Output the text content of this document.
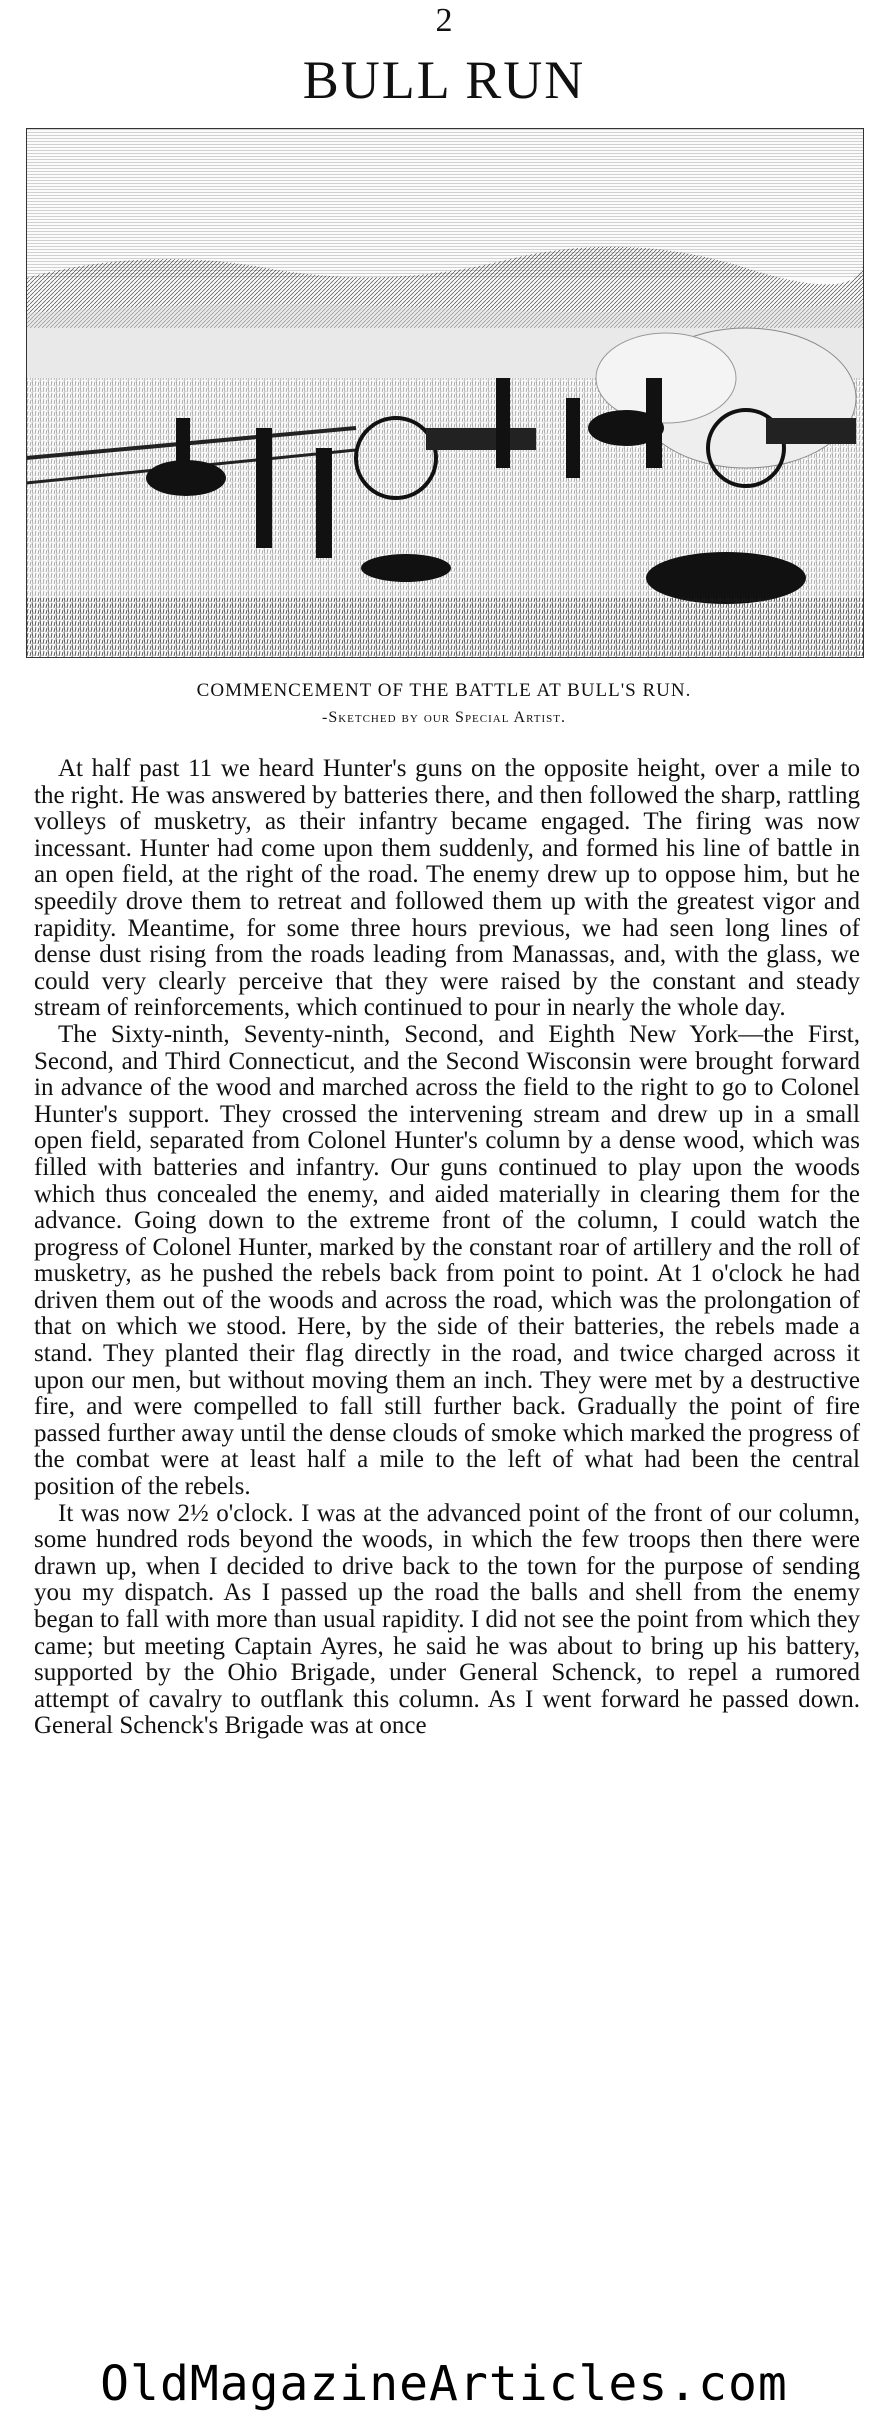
2
BULL RUN
COMMENCEMENT OF THE BATTLE AT BULL'S RUN.
-Sketched by our Special Artist.

At half past 11 we heard Hunter's guns on the opposite height, over a mile to the right. He was answered by batteries there, and then followed the sharp, rattling volleys of musketry, as their infantry became engaged. The firing was now incessant. Hunter had come upon them suddenly, and formed his line of battle in an open field, at the right of the road. The enemy drew up to oppose him, but he speedily drove them to retreat and followed them up with the greatest vigor and rapidity. Meantime, for some three hours previous, we had seen long lines of dense dust rising from the roads leading from Manassas, and, with the glass, we could very clearly perceive that they were raised by the constant and steady stream of reinforcements, which continued to pour in nearly the whole day.

The Sixty-ninth, Seventy-ninth, Second, and Eighth New York—the First, Second, and Third Connecticut, and the Second Wisconsin were brought forward in advance of the wood and marched across the field to the right to go to Colonel Hunter's support. They crossed the intervening stream and drew up in a small open field, separated from Colonel Hunter's column by a dense wood, which was filled with batteries and infantry. Our guns continued to play upon the woods which thus concealed the enemy, and aided materially in clearing them for the advance. Going down to the extreme front of the column, I could watch the progress of Colonel Hunter, marked by the constant roar of artillery and the roll of musketry, as he pushed the rebels back from point to point. At 1 o'clock he had driven them out of the woods and across the road, which was the prolongation of that on which we stood. Here, by the side of their batteries, the rebels made a stand. They planted their flag directly in the road, and twice charged across it upon our men, but without moving them an inch. They were met by a destructive fire, and were compelled to fall still further back. Gradually the point of fire passed further away until the dense clouds of smoke which marked the progress of the combat were at least half a mile to the left of what had been the central position of the rebels.

It was now 2½ o'clock. I was at the advanced point of the front of our column, some hundred rods beyond the woods, in which the few troops then there were drawn up, when I decided to drive back to the town for the purpose of sending you my dispatch. As I passed up the road the balls and shell from the enemy began to fall with more than usual rapidity. I did not see the point from which they came; but meeting Captain Ayres, he said he was about to bring up his battery, supported by the Ohio Brigade, under General Schenck, to repel a rumored attempt of cavalry to outflank this column. As I went forward he passed down. General Schenck's Brigade was at once

OldMagazineArticles.com
